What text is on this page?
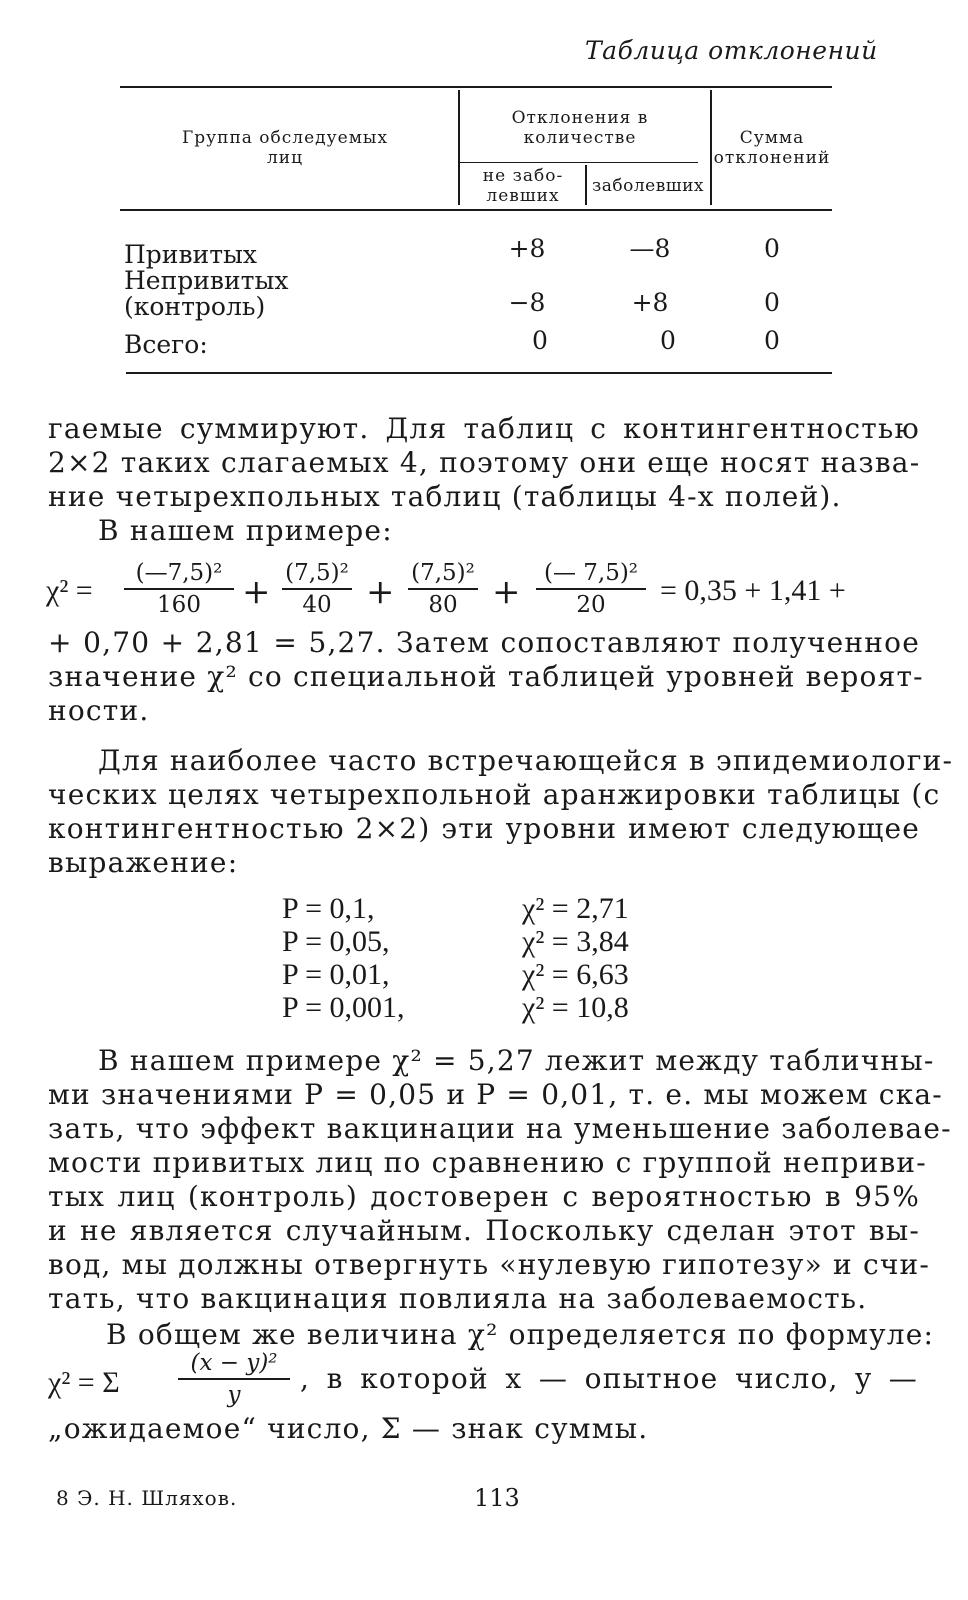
Таблица отклонений
Группа обследуемых лиц
Отклонения в количестве
не забо-левших	заболевших
Сумма отклонений
Привитых	+8	—8	0
Непривитых
(контроль)	−8	+8	0
Всего:	0	0	0
гаемые суммируют. Для таблиц с контингентностью
2×2 таких слагаемых 4, поэтому они еще носят назва-
ние четырехпольных таблиц (таблицы 4-х полей).
В нашем примере:
$\chi^2 = \frac{\text{(—7,5)²}}{160} + \frac{\text{(7,5)²}}{40} + \frac{\text{(7,5)²}}{80} + \frac{\text{(— 7,5)²}}{20} = 0,35 + 1,41$ +
+ 0,70 + 2,81 = 5,27. Затем сопоставляют полученное
значение χ² со специальной таблицей уровней вероят-
ности.
Для наиболее часто встречающейся в эпидемиологи-
ческих целях четырехпольной аранжировки таблицы (с
контингентностью 2×2) эти уровни имеют следующее
выражение:
P = 0,1,	χ² = 2,71
P = 0,05,	χ² = 3,84
P = 0,01,	χ² = 6,63
P = 0,001,	χ² = 10,8
В нашем примере χ² = 5,27 лежит между табличны-
ми значениями P = 0,05 и P = 0,01, т. е. мы можем ска-
зать, что эффект вакцинации на уменьшение заболевае-
мости привитых лиц по сравнению с группой неприви-
тых лиц (контроль) достоверен с вероятностью в 95%
и не является случайным. Поскольку сделан этот вы-
вод, мы должны отвергнуть «нулевую гипотезу» и счи-
тать, что вакцинация повлияла на заболеваемость.
В общем же величина χ² определяется по формуле:
χ² = Σ	$\frac{\text{(x − y)²}}{y}$ , в которой x — опытное число, y —
„ожидаемое“ число, Σ — знак суммы.
8 Э. Н. Шляхов.	113
